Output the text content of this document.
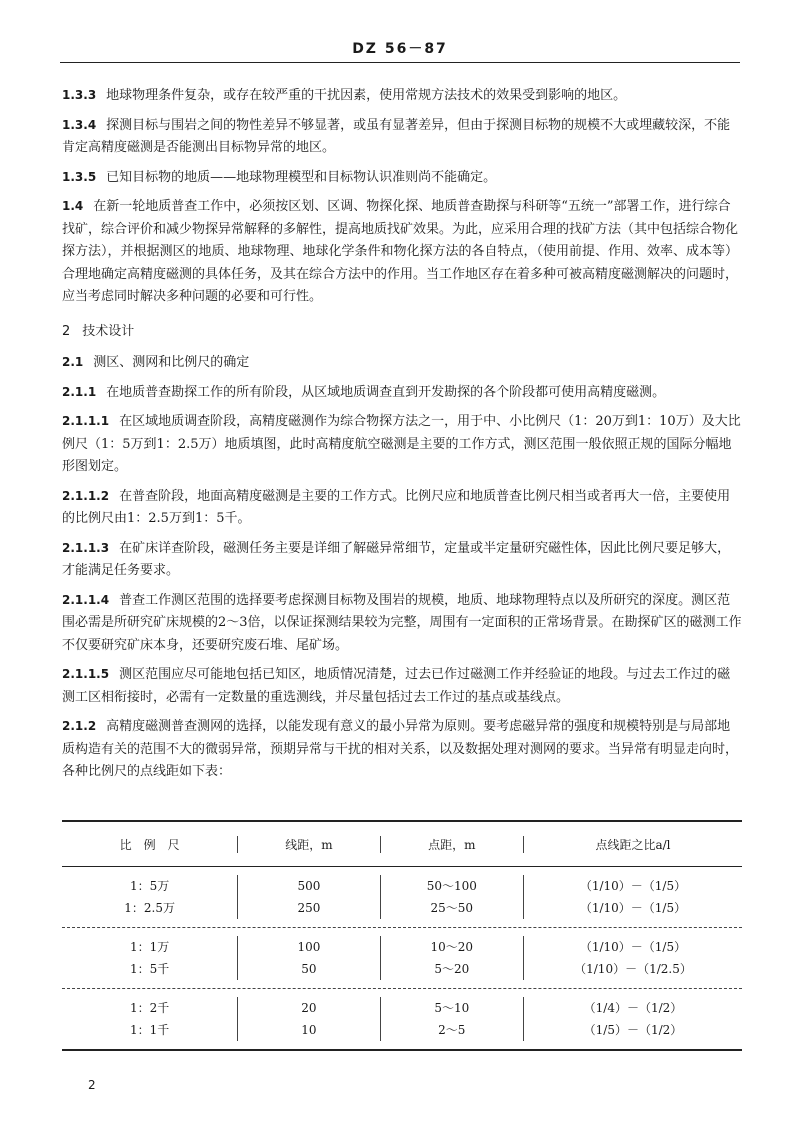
DZ 56－87

1.3.3 地球物理条件复杂，或存在较严重的干扰因素，使用常规方法技术的效果受到影响的地区。

1.3.4 探测目标与围岩之间的物性差异不够显著，或虽有显著差异，但由于探测目标物的规模不大或埋藏较深，不能肯定高精度磁测是否能测出目标物异常的地区。

1.3.5 已知目标物的地质——地球物理模型和目标物认识准则尚不能确定。

1.4 在新一轮地质普查工作中，必须按区划、区调、物探化探、地质普查勘探与科研等“五统一”部署工作，进行综合找矿，综合评价和减少物探异常解释的多解性，提高地质找矿效果。为此，应采用合理的找矿方法（其中包括综合物化探方法），并根据测区的地质、地球物理、地球化学条件和物化探方法的各自特点，（使用前提、作用、效率、成本等）合理地确定高精度磁测的具体任务，及其在综合方法中的作用。当工作地区存在着多种可被高精度磁测解决的问题时，应当考虑同时解决多种问题的必要和可行性。

2 技术设计

2.1 测区、测网和比例尺的确定

2.1.1 在地质普查勘探工作的所有阶段，从区域地质调查直到开发勘探的各个阶段都可使用高精度磁测。

2.1.1.1 在区域地质调查阶段，高精度磁测作为综合物探方法之一，用于中、小比例尺（1：20万到1：10万）及大比例尺（1：5万到1：2.5万）地质填图，此时高精度航空磁测是主要的工作方式，测区范围一般依照正规的国际分幅地形图划定。

2.1.1.2 在普查阶段，地面高精度磁测是主要的工作方式。比例尺应和地质普查比例尺相当或者再大一倍，主要使用的比例尺由1：2.5万到1：5千。

2.1.1.3 在矿床详查阶段，磁测任务主要是详细了解磁异常细节，定量或半定量研究磁性体，因此比例尺要足够大，才能满足任务要求。

2.1.1.4 普查工作测区范围的选择要考虑探测目标物及围岩的规模，地质、地球物理特点以及所研究的深度。测区范围必需是所研究矿床规模的2～3倍，以保证探测结果较为完整，周围有一定面积的正常场背景。在勘探矿区的磁测工作不仅要研究矿床本身，还要研究废石堆、尾矿场。

2.1.1.5 测区范围应尽可能地包括已知区，地质情况清楚，过去已作过磁测工作并经验证的地段。与过去工作过的磁测工区相衔接时，必需有一定数量的重选测线，并尽量包括过去工作过的基点或基线点。

2.1.2 高精度磁测普查测网的选择，以能发现有意义的最小异常为原则。要考虑磁异常的强度和规模特别是与局部地质构造有关的范围不大的微弱异常，预期异常与干扰的相对关系，以及数据处理对测网的要求。当异常有明显走向时，各种比例尺的点线距如下表：

比　例　尺	线距，m	点距，m	点线距之比a/l
1：5万	500	50～100	（1/10）－（1/5）
1：2.5万	250	25～50	（1/10）－（1/5）
1：1万	100	10～20	（1/10）－（1/5）
1：5千	50	5～20	（1/10）－（1/2.5）
1：2千	20	5～10	（1/4）－（1/2）
1：1千	10	2～5	（1/5）－（1/2）
2
